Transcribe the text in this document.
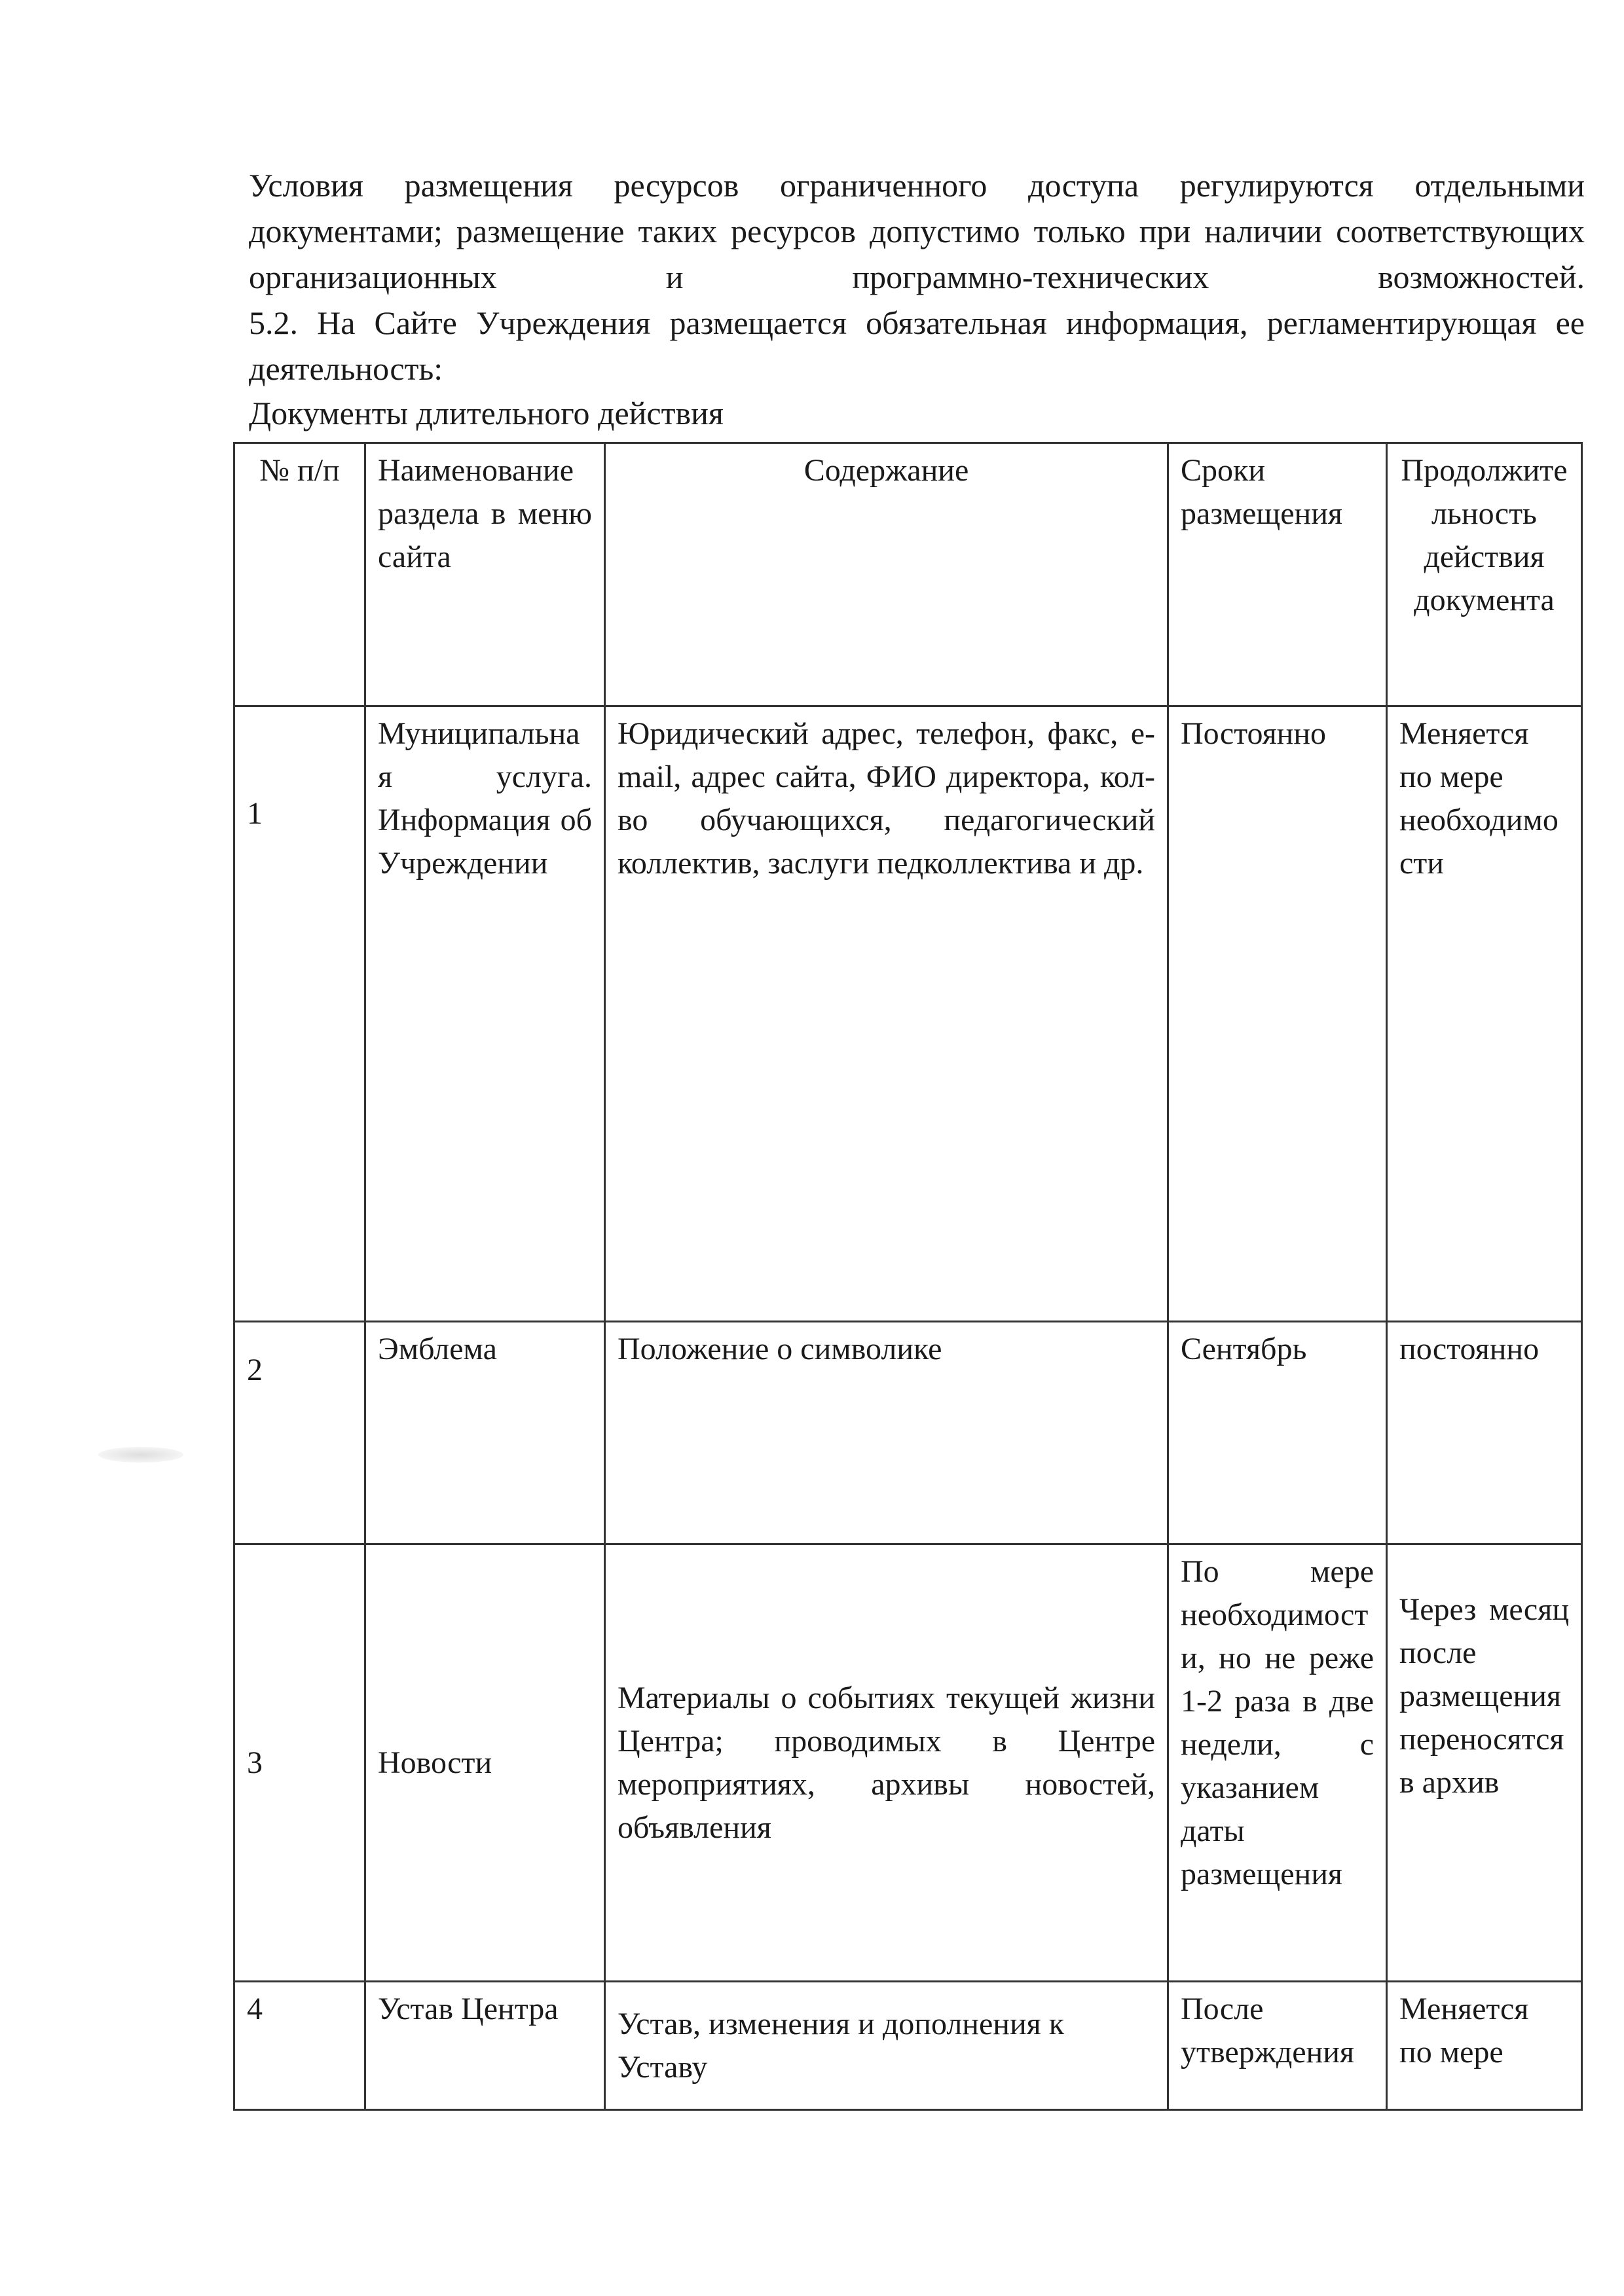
Условия размещения ресурсов ограниченного доступа регулируются отдельными документами; размещение таких ресурсов допустимо только при наличии соответствующих организационных и программно-технических возможностей.

5.2. На Сайте Учреждения размещается обязательная информация, регламентирующая ее деятельность:

Документы длительного действия
№ п/п	Наименование раздела в меню сайта	Содержание	Сроки размещения	Продолжительность действия документа
1	Муниципальная услуга. Информация об Учреждении	Юридический адрес, телефон, факс, e-mail, адрес сайта, ФИО директора, кол-во обучающихся, педагогический коллектив, заслуги педколлектива и др.	Постоянно	Меняется по мере необходимости
2	Эмблема	Положение о символике	Сентябрь	постоянно
3	Новости	Материалы о событиях текущей жизни Центра; проводимых в Центре мероприятиях, архивы новостей, объявления	По мере необходимости, но не реже 1-2 раза в две недели, с указанием даты размещения	Через месяц после размещения переносятся в архив
4	Устав Центра	Устав, изменения и дополнения к Уставу	После утверждения	Меняется по мере
